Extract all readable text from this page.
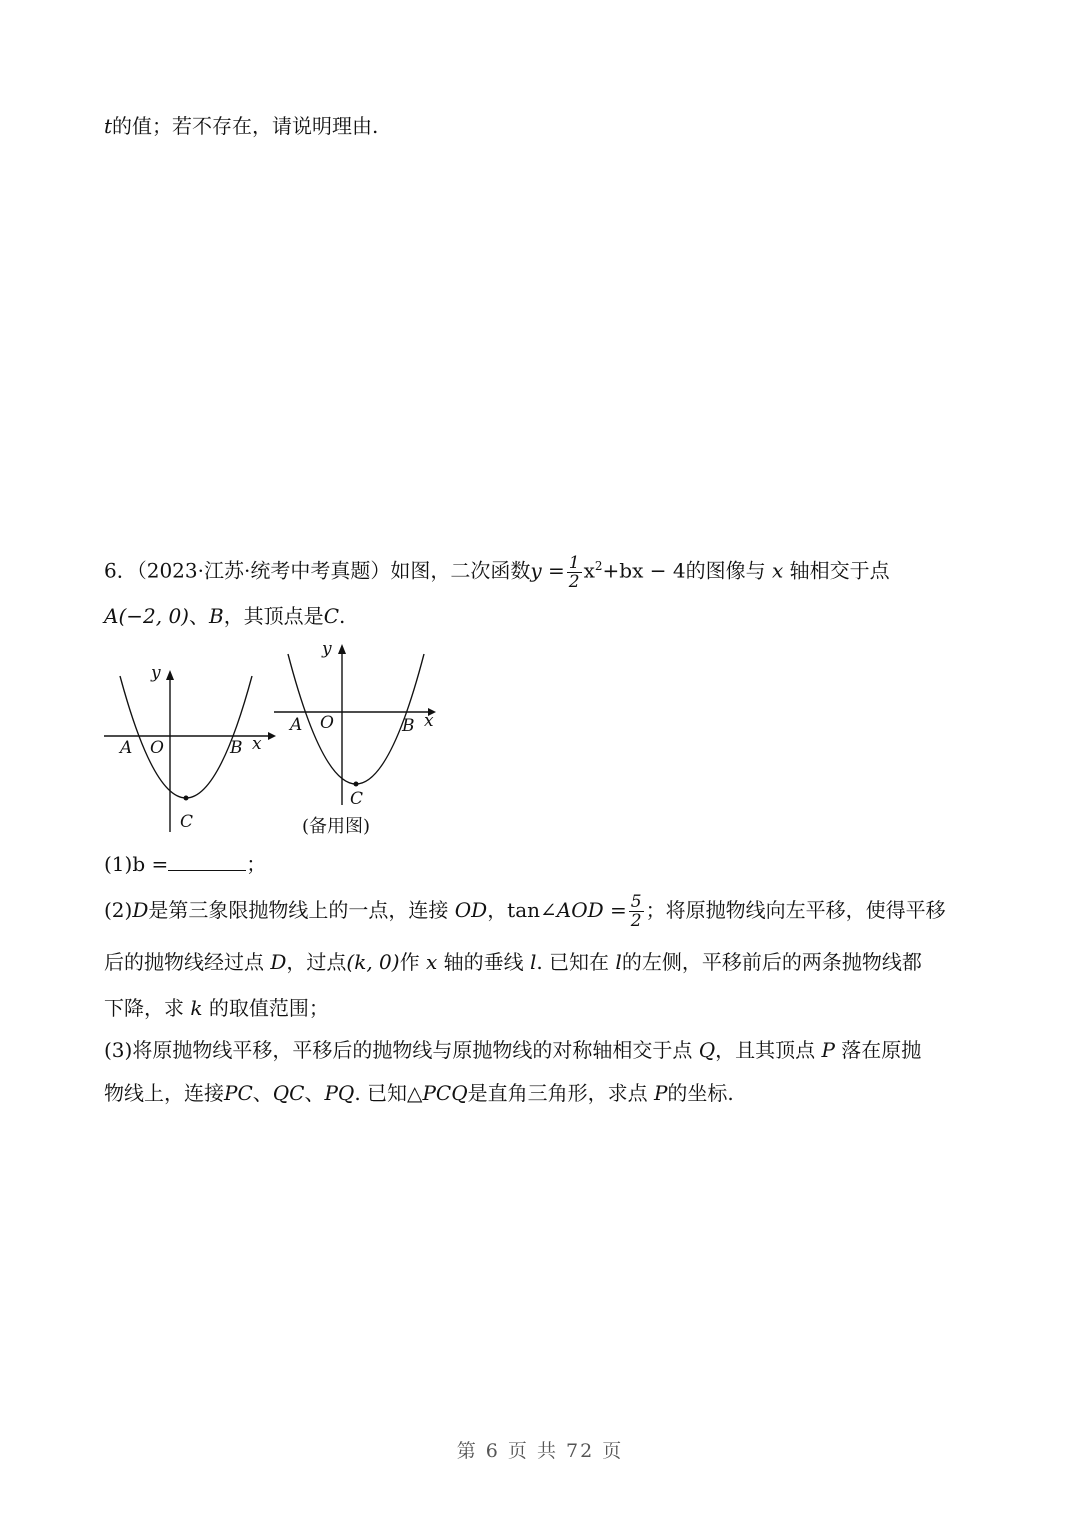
t的值；若不存在，请说明理由.
6．（2023·江苏·统考中考真题）如图，二次函数$y = \frac{1}{2} x^2+bx - 4$的图像与 x 轴相交于点
A(−2, 0)、B，其顶点是C.
y
x
A O	B
C
y
x
A O	B
C
(备用图)
(1)b =	；
(2)D是第三象限抛物线上的一点，连接 OD，tan∠AOD = $\frac{5}{2}$ ；将原抛物线向左平移，使得平移
后的抛物线经过点 D，过点(k, 0)作 x 轴的垂线 l. 已知在 l的左侧，平移前后的两条抛物线都
下降，求 k 的取值范围；
(3)将原抛物线平移，平移后的抛物线与原抛物线的对称轴相交于点 Q，且其顶点 P 落在原抛
物线上，连接PC、QC、PQ. 已知△PCQ是直角三角形，求点 P的坐标.
第 6 页 共 72 页
